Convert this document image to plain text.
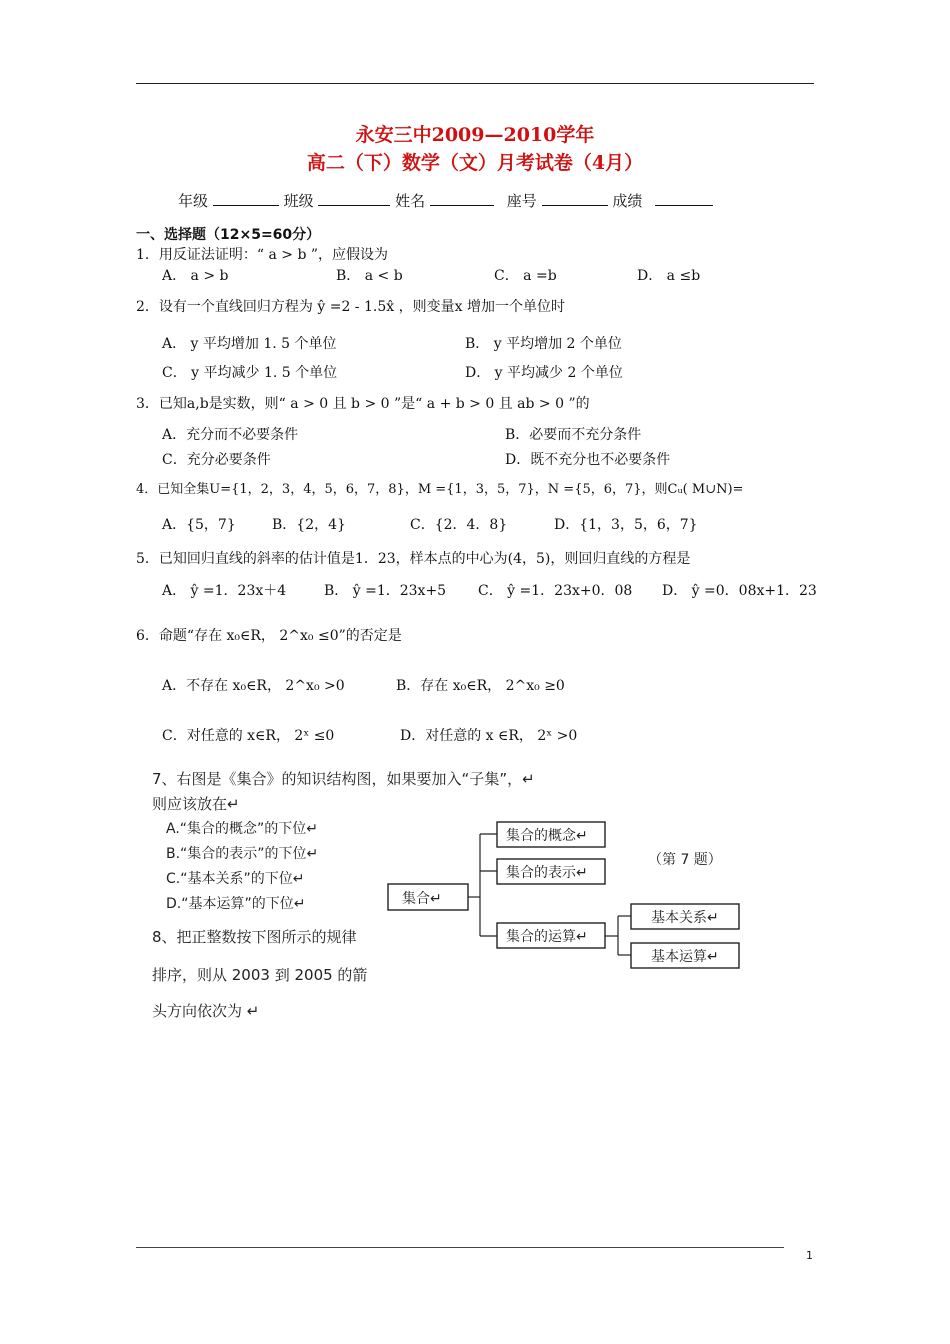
永安三中2009—2010学年
高二（下）数学（文）月考试卷（4月）
年级	班级	姓名	座号	成绩
一、选择题（12×5=60分）
1．用反证法证明：“ a > b ”，应假设为
A． a > b	B． a < b	C． a =b	D． a ≤b
2．设有一个直线回归方程为 ŷ =2 - 1.5x̂ ，则变量x 增加一个单位时
A． y 平均增加 1. 5 个单位	B． y 平均增加 2 个单位
C． y 平均减少 1. 5 个单位	D． y 平均减少 2 个单位
3．已知a,b是实数，则“ a > 0 且 b > 0 ”是“ a + b > 0 且 ab > 0 ”的
A．充分而不必要条件	B．必要而不充分条件
C．充分必要条件	D．既不充分也不必要条件
4．已知全集U={1，2，3，4，5，6，7，8}，M ={1，3，5，7}，N ={5，6，7}，则Cᵤ( M∪N)=
A．{5，7}	B．{2，4}	C．{2．4．8}	D．{1，3，5，6，7}
5．已知回归直线的斜率的估计值是1．23，样本点的中心为(4，5)，则回归直线的方程是
A． ŷ =1．23x＋4	B． ŷ =1．23x+5 C． ŷ =1．23x+0．08 D． ŷ =0．08x+1．23
6．命题“存在 x₀∈R， 2^x₀ ≤0”的否定是
A．不存在 x₀∈R， 2^x₀ >0	B．存在 x₀∈R， 2^x₀ ≥0
C．对任意的 x∈R， 2ˣ ≤0	D．对任意的 x ∈R， 2ˣ >0
7、右图是《集合》的知识结构图，如果要加入“子集”，↵
则应该放在↵
A.“集合的概念”的下位↵
B.“集合的表示”的下位↵
C.“基本关系”的下位↵
D.“基本运算”的下位↵	集合↵
集合的概念↵
集合的表示↵
集合的运算↵
基本关系↵
基本运算↵
（第 7 题）
8、把正整数按下图所示的规律
排序，则从 2003 到 2005 的箭
头方向依次为 ↵
1
